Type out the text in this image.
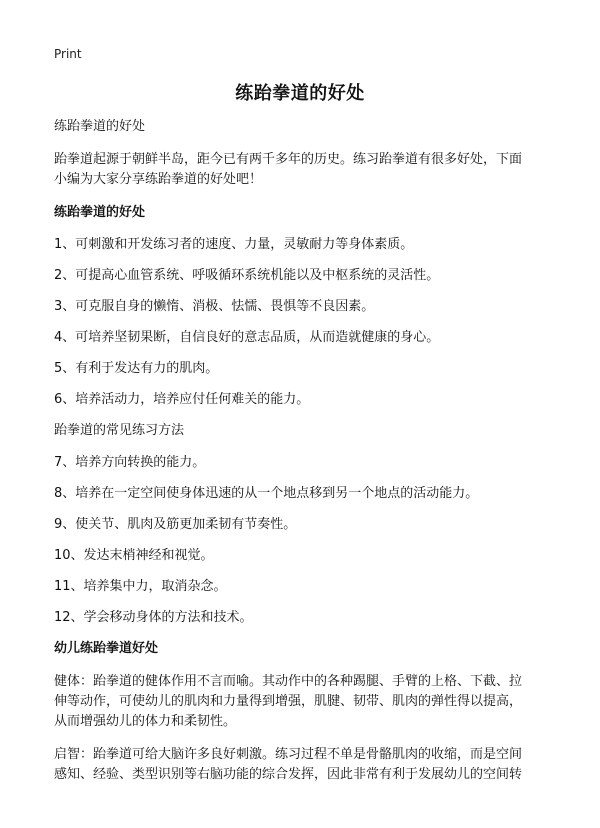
Print
练跆拳道的好处

练跆拳道的好处

跆拳道起源于朝鲜半岛，距今已有两千多年的历史。练习跆拳道有很多好处，下面

小编为大家分享练跆拳道的好处吧！

练跆拳道的好处

1、可刺激和开发练习者的速度、力量，灵敏耐力等身体素质。

2、可提高心血管系统、呼吸循环系统机能以及中枢系统的灵活性。

3、可克服自身的懒惰、消极、怯懦、畏惧等不良因素。

4、可培养坚韧果断，自信良好的意志品质，从而造就健康的身心。

5、有利于发达有力的肌肉。

6、培养活动力，培养应付任何难关的能力。

跆拳道的常见练习方法

7、培养方向转换的能力。

8、培养在一定空间使身体迅速的从一个地点移到另一个地点的活动能力。

9、使关节、肌肉及筋更加柔韧有节奏性。

10、发达末梢神经和视觉。

11、培养集中力，取消杂念。

12、学会移动身体的方法和技术。

幼儿练跆拳道好处

健体：跆拳道的健体作用不言而喻。其动作中的各种踢腿、手臂的上格、下截、拉

伸等动作，可使幼儿的肌肉和力量得到增强，肌腱、韧带、肌肉的弹性得以提高，

从而增强幼儿的体力和柔韧性。

启智：跆拳道可给大脑许多良好刺激。练习过程不单是骨骼肌肉的收缩，而是空间

感知、经验、类型识别等右脑功能的综合发挥，因此非常有利于发展幼儿的空间转
